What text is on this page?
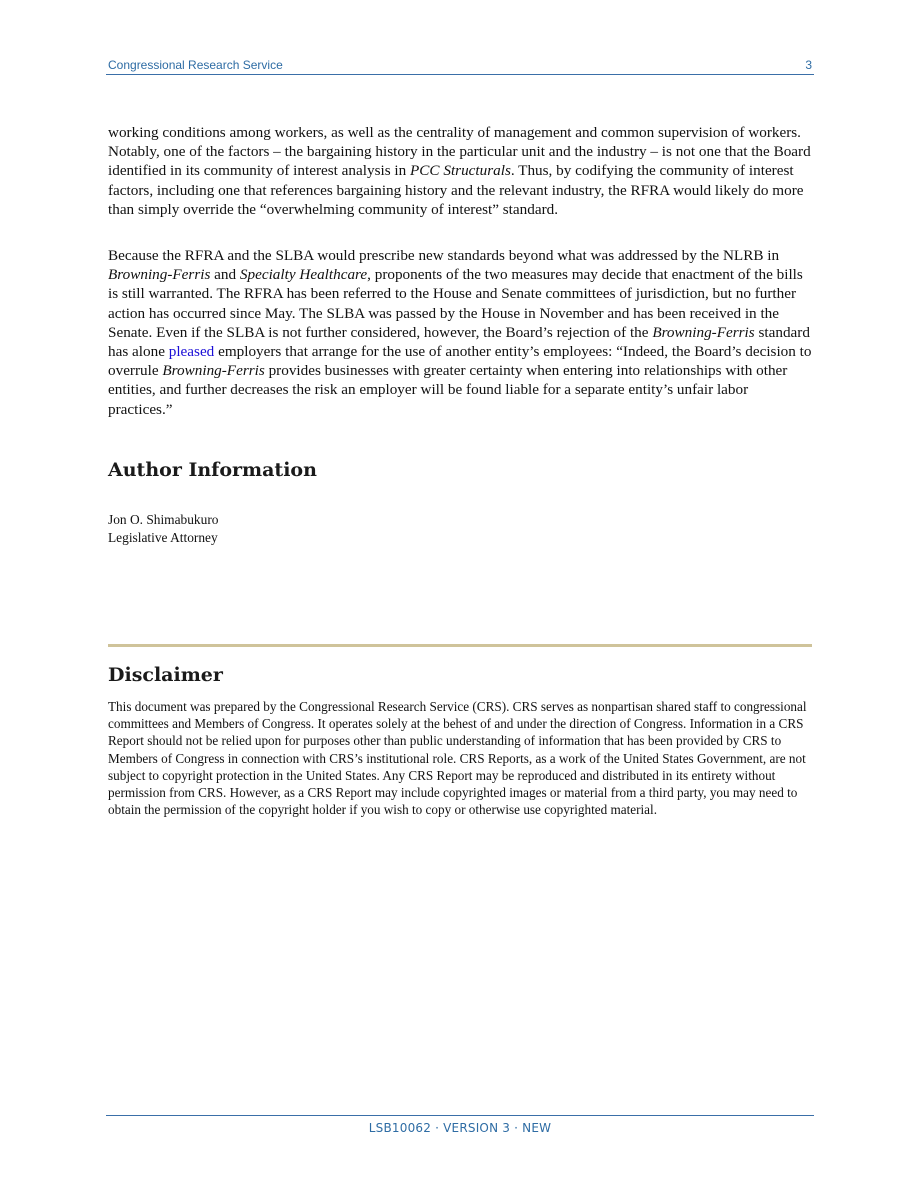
Congressional Research Service	3

working conditions among workers, as well as the centrality of management and common supervision of workers. Notably, one of the factors – the bargaining history in the particular unit and the industry – is not one that the Board identified in its community of interest analysis in PCC Structurals. Thus, by codifying the community of interest factors, including one that references bargaining history and the relevant industry, the RFRA would likely do more than simply override the “overwhelming community of interest” standard.

Because the RFRA and the SLBA would prescribe new standards beyond what was addressed by the NLRB in Browning-Ferris and Specialty Healthcare, proponents of the two measures may decide that enactment of the bills is still warranted. The RFRA has been referred to the House and Senate committees of jurisdiction, but no further action has occurred since May. The SLBA was passed by the House in November and has been received in the Senate. Even if the SLBA is not further considered, however, the Board’s rejection of the Browning-Ferris standard has alone pleased employers that arrange for the use of another entity’s employees: “Indeed, the Board’s decision to overrule Browning-Ferris provides businesses with greater certainty when entering into relationships with other entities, and further decreases the risk an employer will be found liable for a separate entity’s unfair labor practices.”

Author Information
Jon O. Shimabukuro
Legislative Attorney
Disclaimer
This document was prepared by the Congressional Research Service (CRS). CRS serves as nonpartisan shared staff to congressional committees and Members of Congress. It operates solely at the behest of and under the direction of Congress. Information in a CRS Report should not be relied upon for purposes other than public understanding of information that has been provided by CRS to Members of Congress in connection with CRS’s institutional role. CRS Reports, as a work of the United States Government, are not subject to copyright protection in the United States. Any CRS Report may be reproduced and distributed in its entirety without permission from CRS. However, as a CRS Report may include copyrighted images or material from a third party, you may need to obtain the permission of the copyright holder if you wish to copy or otherwise use copyrighted material.
LSB10062 · VERSION 3 · NEW
